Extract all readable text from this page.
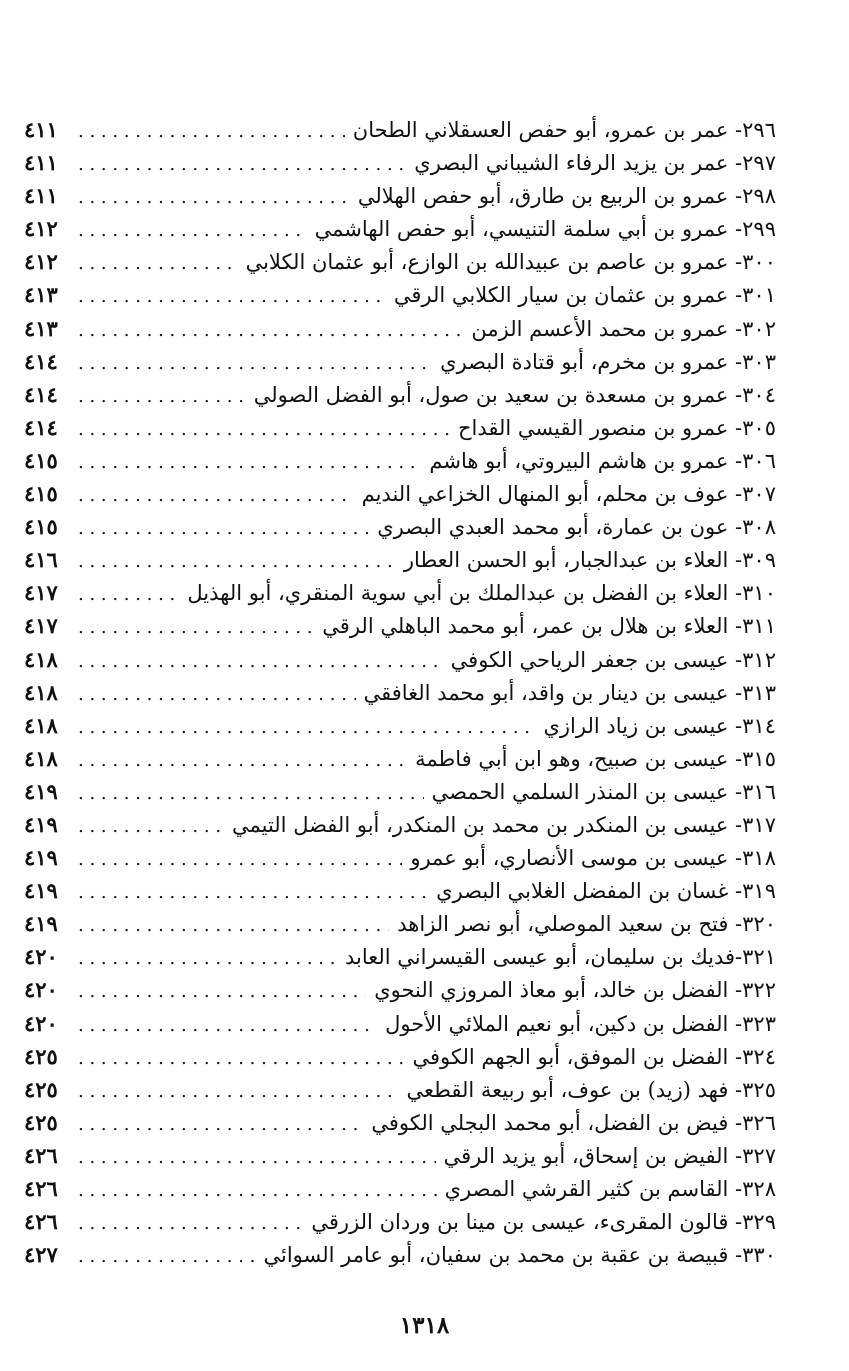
٤١١ . . .	٢٩٦- عمر بن عمرو، أبو حفص العسقلاني الطحان
٤١١ . . .	٢٩٧- عمر بن يزيد الرفاء الشيباني البصري
٤١١ . . .	٢٩٨- عمرو بن الربيع بن طارق، أبو حفص الهلالي
٤١٢ . . .	٢٩٩- عمرو بن أبي سلمة التنيسي، أبو حفص الهاشمي
٤١٢ . . .	٣٠٠- عمرو بن عاصم بن عبيدالله بن الوازع، أبو عثمان الكلابي
٤١٣ . . .	٣٠١- عمرو بن عثمان بن سيار الكلابي الرقي
٤١٣ . . .	٣٠٢- عمرو بن محمد الأعسم الزمن
٤١٤ . . .	٣٠٣- عمرو بن مخرم، أبو قتادة البصري
٤١٤ . . .	٣٠٤- عمرو بن مسعدة بن سعيد بن صول، أبو الفضل الصولي
٤١٤ . . .	٣٠٥- عمرو بن منصور القيسي القداح
٤١٥ . . .	٣٠٦- عمرو بن هاشم البيروتي، أبو هاشم
٤١٥ . . .	٣٠٧- عوف بن محلم، أبو المنهال الخزاعي النديم
٤١٥ . . .	٣٠٨- عون بن عمارة، أبو محمد العبدي البصري
٤١٦ . . .	٣٠٩- العلاء بن عبدالجبار، أبو الحسن العطار
٤١٧ . . .	٣١٠- العلاء بن الفضل بن عبدالملك بن أبي سوية المنقري، أبو الهذيل
٤١٧ . . .	٣١١- العلاء بن هلال بن عمر، أبو محمد الباهلي الرقي
٤١٨ . . .	٣١٢- عيسى بن جعفر الرياحي الكوفي
٤١٨ . . .	٣١٣- عيسى بن دينار بن واقد، أبو محمد الغافقي
٤١٨ . . .	٣١٤- عيسى بن زياد الرازي
٤١٨ . . .	٣١٥- عيسى بن صبيح، وهو ابن أبي فاطمة
٤١٩ . . .	٣١٦- عيسى بن المنذر السلمي الحمصي
٤١٩ . . .	٣١٧- عيسى بن المنكدر بن محمد بن المنكدر، أبو الفضل التيمي
٤١٩ . . .	٣١٨- عيسى بن موسى الأنصاري، أبو عمرو
٤١٩ . . .	٣١٩- غسان بن المفضل الغلابي البصري
٤١٩ . . .	٣٢٠- فتح بن سعيد الموصلي، أبو نصر الزاهد
٤٢٠ . . .	٣٢١-فديك بن سليمان، أبو عيسى القيسراني العابد
٤٢٠ . . .	٣٢٢- الفضل بن خالد، أبو معاذ المروزي النحوي
٤٢٠ . . .	٣٢٣- الفضل بن دكين، أبو نعيم الملائي الأحول
٤٢٥ . . .	٣٢٤- الفضل بن الموفق، أبو الجهم الكوفي
٤٢٥ . . .	٣٢٥- فهد (زيد) بن عوف، أبو ربيعة القطعي
٤٢٥ . . .	٣٢٦- فيض بن الفضل، أبو محمد البجلي الكوفي
٤٢٦ . . .	٣٢٧- الفيض بن إسحاق، أبو يزيد الرقي
٤٢٦ . . .	٣٢٨- القاسم بن كثير القرشي المصري
٤٢٦ . . .	٣٢٩- قالون المقرىء، عيسى بن مينا بن وردان الزرقي
٤٢٧ . . .	٣٣٠- قبيصة بن عقبة بن محمد بن سفيان، أبو عامر السوائي
١٣١٨
